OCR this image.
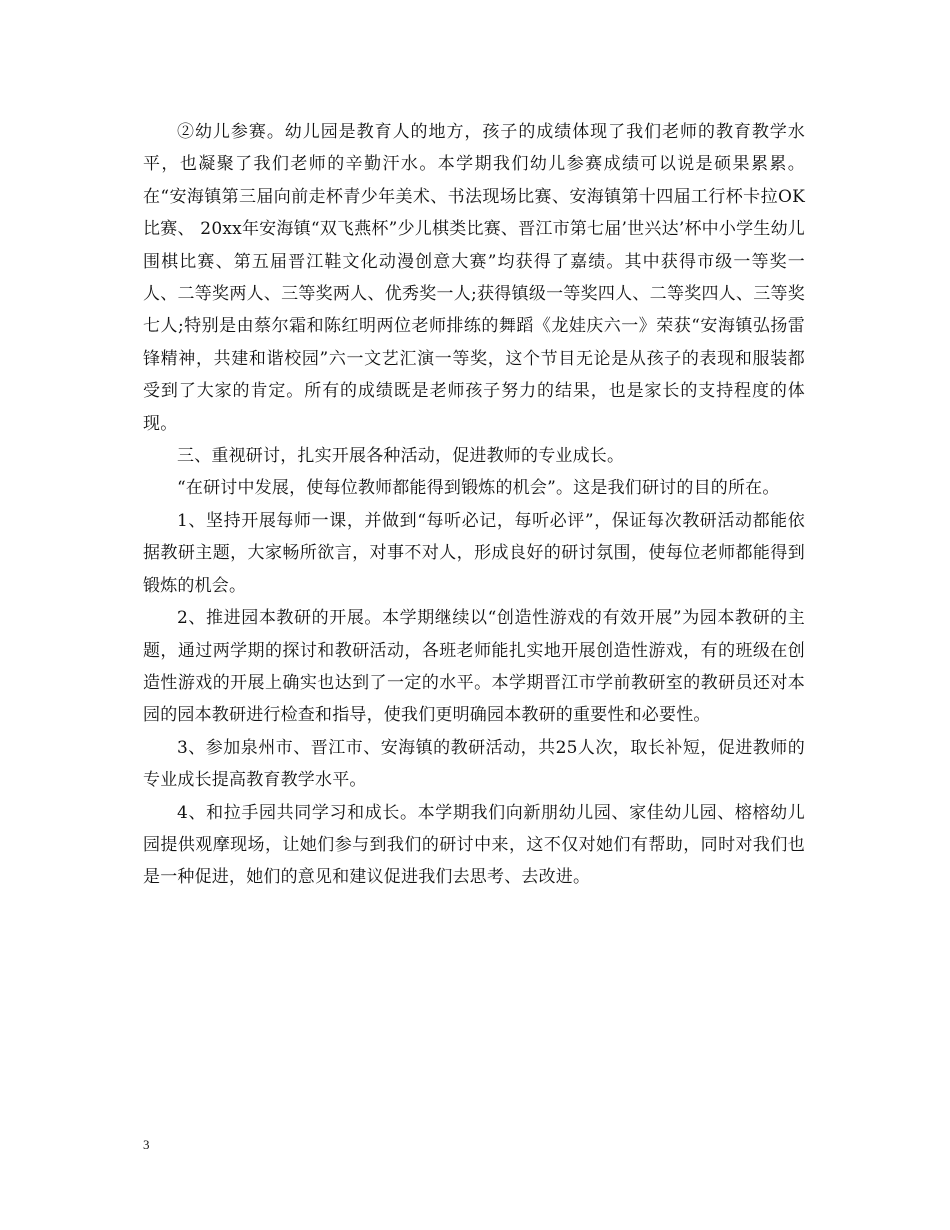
②幼儿参赛。幼儿园是教育人的地方，孩子的成绩体现了我们老师的教育教学水平，也凝聚了我们老师的辛勤汗水。本学期我们幼儿参赛成绩可以说是硕果累累。在“安海镇第三届向前走杯青少年美术、书法现场比赛、安海镇第十四届工行杯卡拉OK比赛、 20xx年安海镇“双飞燕杯”少儿棋类比赛、晋江市第七届’世兴达’杯中小学生幼儿围棋比赛、第五届晋江鞋文化动漫创意大赛”均获得了嘉绩。其中获得市级一等奖一人、二等奖两人、三等奖两人、优秀奖一人;获得镇级一等奖四人、二等奖四人、三等奖七人;特别是由蔡尔霜和陈红明两位老师排练的舞蹈《龙娃庆六一》荣获“安海镇弘扬雷锋精神，共建和谐校园”六一文艺汇演一等奖，这个节目无论是从孩子的表现和服装都受到了大家的肯定。所有的成绩既是老师孩子努力的结果，也是家长的支持程度的体现。

三、重视研讨，扎实开展各种活动，促进教师的专业成长。

“在研讨中发展，使每位教师都能得到锻炼的机会”。这是我们研讨的目的所在。

1、坚持开展每师一课，并做到“每听必记，每听必评”，保证每次教研活动都能依据教研主题，大家畅所欲言，对事不对人，形成良好的研讨氛围，使每位老师都能得到锻炼的机会。

2、推进园本教研的开展。本学期继续以“创造性游戏的有效开展”为园本教研的主题，通过两学期的探讨和教研活动，各班老师能扎实地开展创造性游戏，有的班级在创造性游戏的开展上确实也达到了一定的水平。本学期晋江市学前教研室的教研员还对本园的园本教研进行检查和指导，使我们更明确园本教研的重要性和必要性。

3、参加泉州市、晋江市、安海镇的教研活动，共25人次，取长补短，促进教师的专业成长提高教育教学水平。

4、和拉手园共同学习和成长。本学期我们向新朋幼儿园、家佳幼儿园、榕榕幼儿园提供观摩现场，让她们参与到我们的研讨中来，这不仅对她们有帮助，同时对我们也是一种促进，她们的意见和建议促进我们去思考、去改进。

3
